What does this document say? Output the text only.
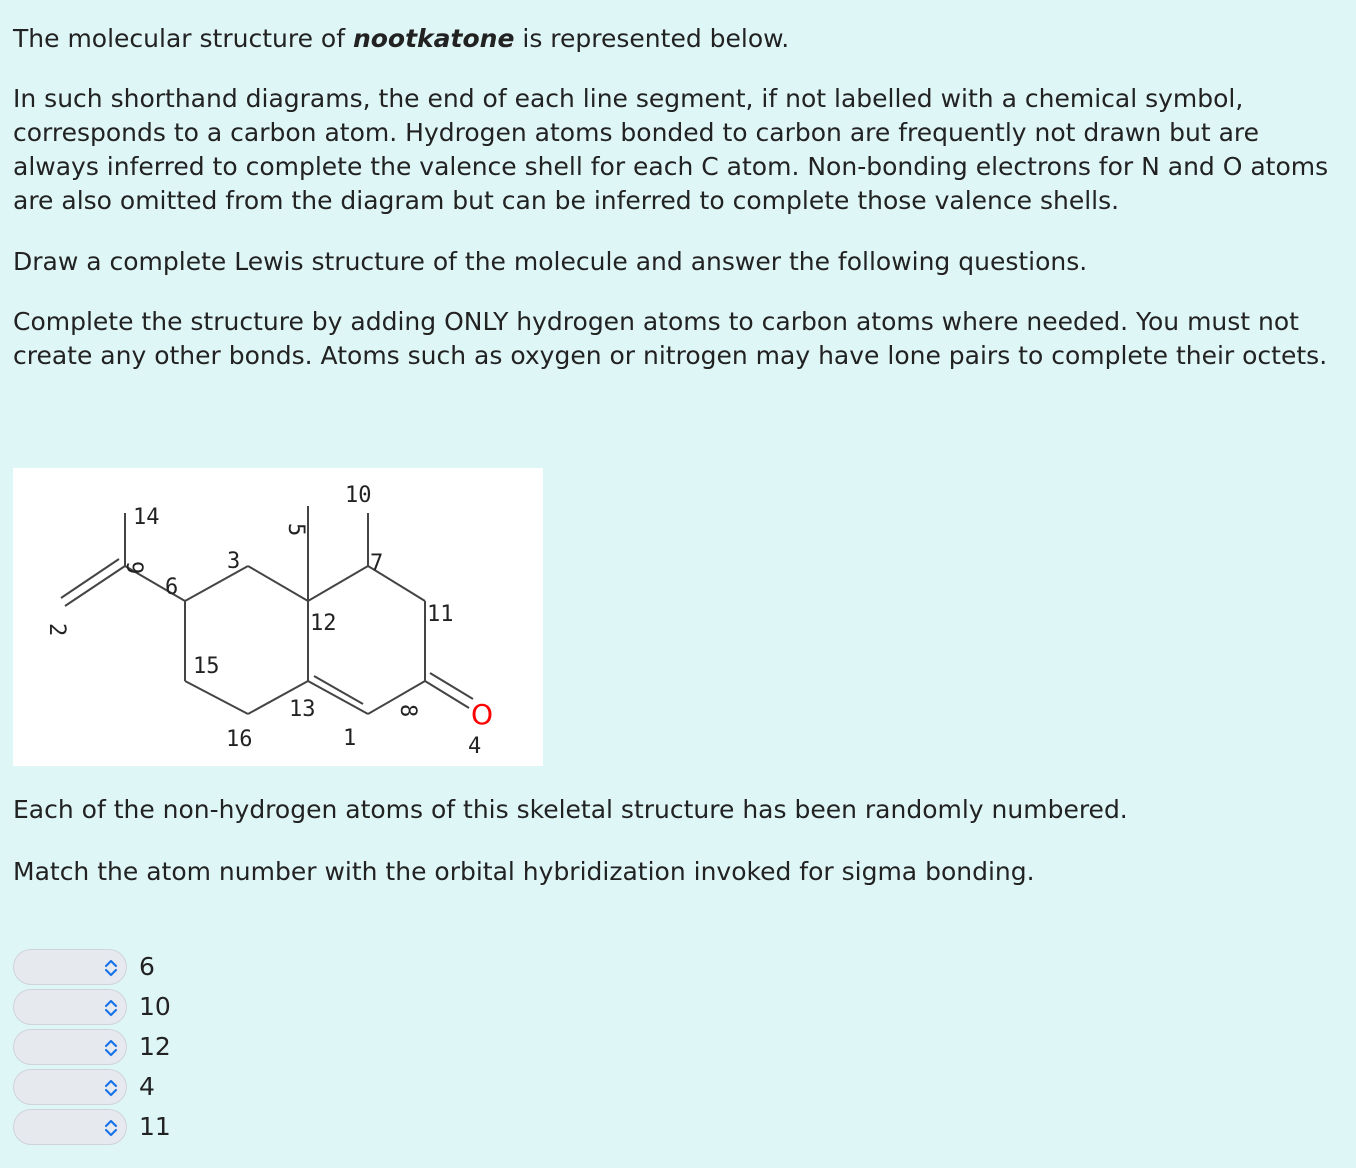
The molecular structure of nootkatone is represented below.

In such shorthand diagrams, the end of each line segment, if not labelled with a chemical symbol, corresponds to a carbon atom. Hydrogen atoms bonded to carbon are frequently not drawn but are always inferred to complete the valence shell for each C atom. Non-bonding electrons for N and O atoms are also omitted from the diagram but can be inferred to complete those valence shells.

Draw a complete Lewis structure of the molecule and answer the following questions.

Complete the structure by adding ONLY hydrogen atoms to carbon atoms where needed. You must not create any other bonds. Atoms such as oxygen or nitrogen may have lone pairs to complete their octets.

10
14	5
9	3	7
6
11
2	12
15
13	8
16	1	4
O

Each of the non-hydrogen atoms of this skeletal structure has been randomly numbered.

Match the atom number with the orbital hybridization invoked for sigma bonding.

6
10
12
4
11
